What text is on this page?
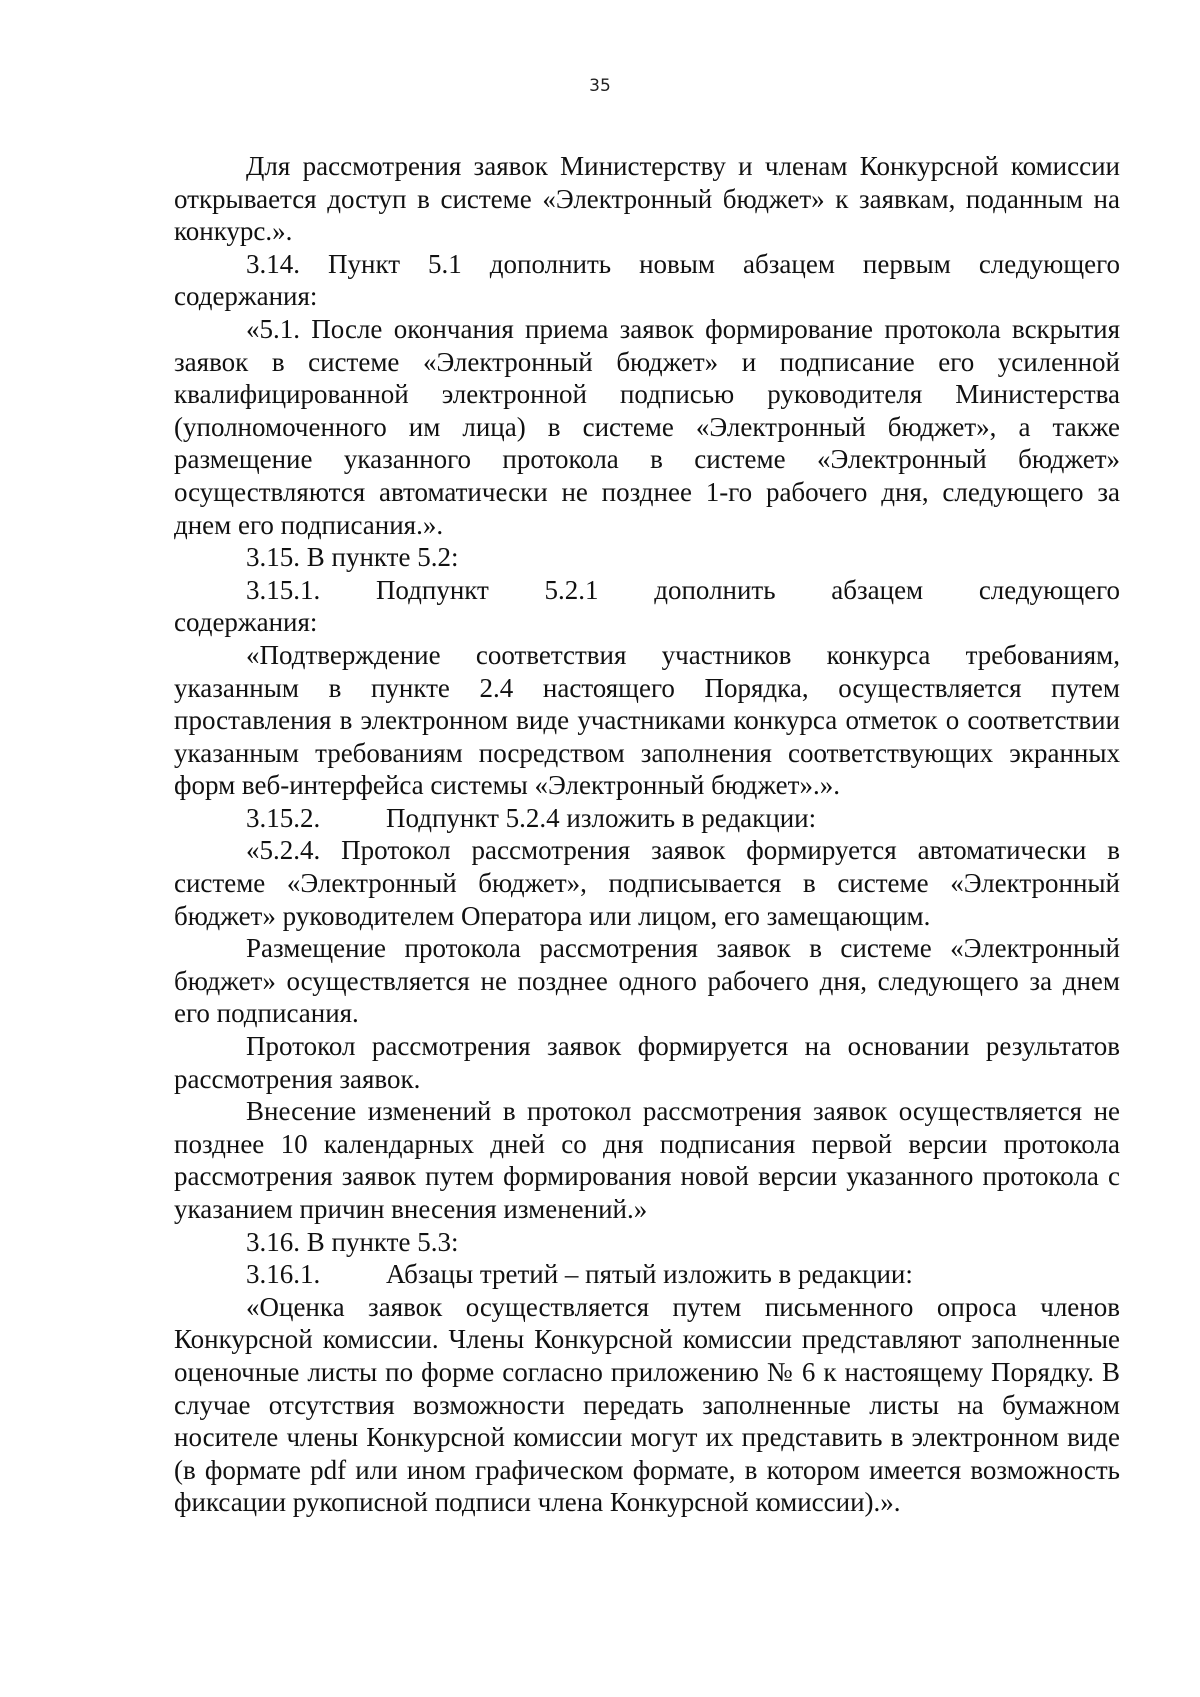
35

Для рассмотрения заявок Министерству и членам Конкурсной комиссии открывается доступ в системе «Электронный бюджет» к заявкам, поданным на конкурс.».

3.14. Пункт 5.1 дополнить новым абзацем первым следующего содержания:

«5.1. После окончания приема заявок формирование протокола вскрытия заявок в системе «Электронный бюджет» и подписание его усиленной квалифицированной электронной подписью руководителя Министерства (уполномоченного им лица) в системе «Электронный бюджет», а также размещение указанного протокола в системе «Электронный бюджет» осуществляются автоматически не позднее 1-го рабочего дня, следующего за днем его подписания.».

3.15. В пункте 5.2:

3.15.1. Подпункт 5.2.1 дополнить абзацем следующего

содержания:

«Подтверждение соответствия участников конкурса требованиям, указанным в пункте 2.4 настоящего Порядка, осуществляется путем проставления в электронном виде участниками конкурса отметок о соответствии указанным требованиям посредством заполнения соответствующих экранных форм веб-интерфейса системы «Электронный бюджет».».

3.15.2.	Подпункт 5.2.4 изложить в редакции:

«5.2.4. Протокол рассмотрения заявок формируется автоматически в системе «Электронный бюджет», подписывается в системе «Электронный бюджет» руководителем Оператора или лицом, его замещающим.

Размещение протокола рассмотрения заявок в системе «Электронный бюджет» осуществляется не позднее одного рабочего дня, следующего за днем его подписания.

Протокол рассмотрения заявок формируется на основании результатов рассмотрения заявок.

Внесение изменений в протокол рассмотрения заявок осуществляется не позднее 10 календарных дней со дня подписания первой версии протокола рассмотрения заявок путем формирования новой версии указанного протокола с указанием причин внесения изменений.»

3.16. В пункте 5.3:

3.16.1.	Абзацы третий – пятый изложить в редакции:

«Оценка заявок осуществляется путем письменного опроса членов Конкурсной комиссии. Члены Конкурсной комиссии представляют заполненные оценочные листы по форме согласно приложению № 6 к настоящему Порядку. В случае отсутствия возможности передать заполненные листы на бумажном носителе члены Конкурсной комиссии могут их представить в электронном виде (в формате pdf или ином графическом формате, в котором имеется возможность фиксации рукописной подписи члена Конкурсной комиссии).».
